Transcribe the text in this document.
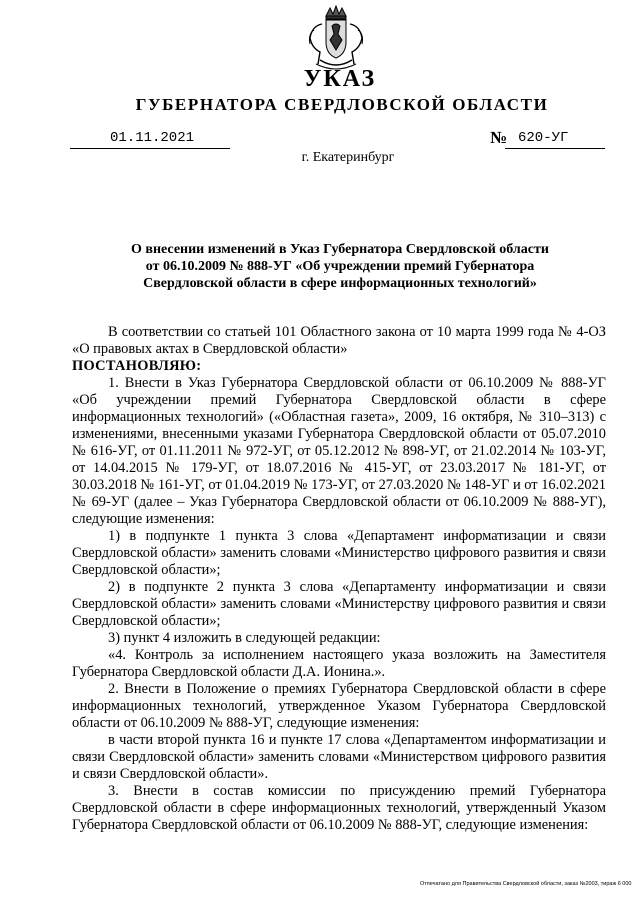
УКАЗ
ГУБЕРНАТОРА СВЕРДЛОВСКОЙ ОБЛАСТИ
01.11.2021	№ 620-УГ
г. Екатеринбург
О внесении изменений в Указ Губернатора Свердловской области
от 06.10.2009 № 888-УГ «Об учреждении премий Губернатора
Свердловской области в сфере информационных технологий»

В соответствии со статьей 101 Областного закона от 10 марта 1999 года № 4-ОЗ «О правовых актах в Свердловской области»

ПОСТАНОВЛЯЮ:

1. Внести в Указ Губернатора Свердловской области от 06.10.2009 № 888-УГ «Об учреждении премий Губернатора Свердловской области в сфере информационных технологий» («Областная газета», 2009, 16 октября, № 310–313) с изменениями, внесенными указами Губернатора Свердловской области от 05.07.2010 № 616-УГ, от 01.11.2011 № 972-УГ, от 05.12.2012 № 898-УГ, от 21.02.2014 № 103-УГ, от 14.04.2015 № 179-УГ, от 18.07.2016 № 415-УГ, от 23.03.2017 № 181-УГ, от 30.03.2018 № 161-УГ, от 01.04.2019 № 173-УГ, от 27.03.2020 № 148-УГ и от 16.02.2021 № 69-УГ (далее – Указ Губернатора Свердловской области от 06.10.2009 № 888-УГ), следующие изменения:

1) в подпункте 1 пункта 3 слова «Департамент информатизации и связи Свердловской области» заменить словами «Министерство цифрового развития и связи Свердловской области»;

2) в подпункте 2 пункта 3 слова «Департаменту информатизации и связи Свердловской области» заменить словами «Министерству цифрового развития и связи Свердловской области»;

3) пункт 4 изложить в следующей редакции:

«4. Контроль за исполнением настоящего указа возложить на Заместителя Губернатора Свердловской области Д.А. Ионина.».

2. Внести в Положение о премиях Губернатора Свердловской области в сфере информационных технологий, утвержденное Указом Губернатора Свердловской области от 06.10.2009 № 888-УГ, следующие изменения:

в части второй пункта 16 и пункте 17 слова «Департаментом информатизации и связи Свердловской области» заменить словами «Министерством цифрового развития и связи Свердловской области».

3. Внести в состав комиссии по присуждению премий Губернатора Свердловской области в сфере информационных технологий, утвержденный Указом Губернатора Свердловской области от 06.10.2009 № 888-УГ, следующие изменения:

Отпечатано для Правительства Свердловской области, заказ №2003, тираж 6 000
